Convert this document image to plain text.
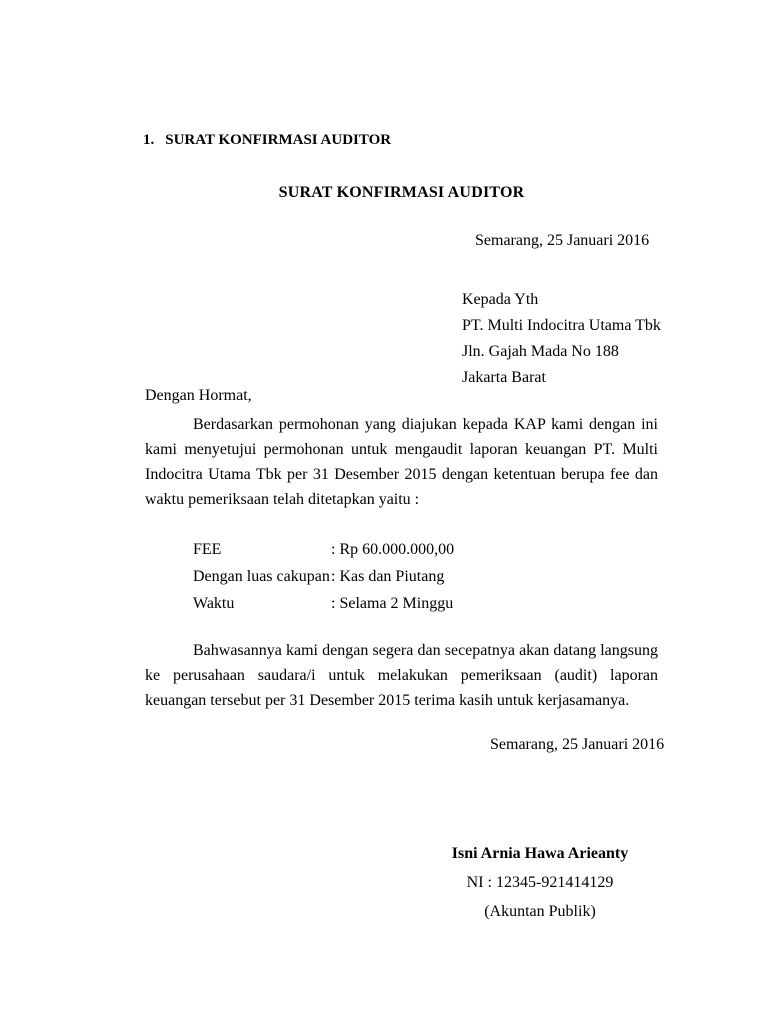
1. SURAT KONFIRMASI AUDITOR
SURAT KONFIRMASI AUDITOR
Semarang, 25 Januari 2016
Kepada Yth
PT. Multi Indocitra Utama Tbk
Jln. Gajah Mada No 188
Jakarta Barat
Dengan Hormat,
Berdasarkan permohonan yang diajukan kepada KAP kami dengan ini kami menyetujui permohonan untuk mengaudit laporan keuangan PT. Multi Indocitra Utama Tbk per 31 Desember 2015 dengan ketentuan berupa fee dan waktu pemeriksaan telah ditetapkan yaitu :
FEE	: Rp 60.000.000,00
Dengan luas cakupan : Kas dan Piutang
Waktu	: Selama 2 Minggu
Bahwasannya kami dengan segera dan secepatnya akan datang langsung ke perusahaan saudara/i untuk melakukan pemeriksaan (audit) laporan keuangan tersebut per 31 Desember 2015 terima kasih untuk kerjasamanya.
Semarang, 25 Januari 2016
Isni Arnia Hawa Arieanty
NI : 12345-921414129
(Akuntan Publik)
